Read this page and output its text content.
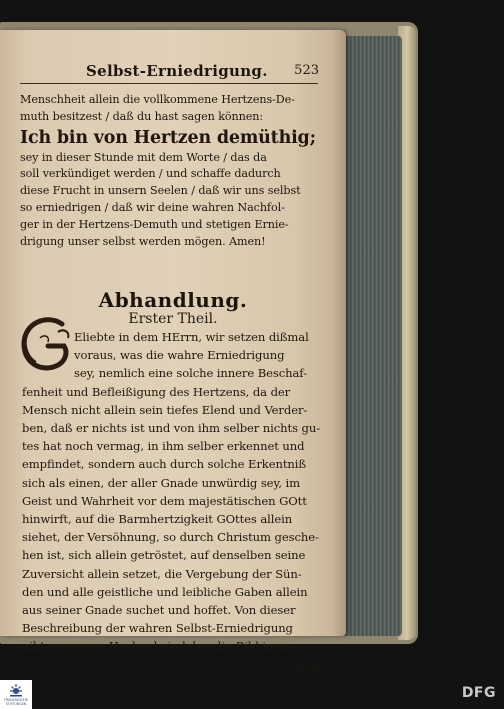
Selbst-Erniedrigung. 523
Menschheit allein die vollkommene Hertzens-De-
muth besitzest / daß du hast sagen können:
Ich bin von Hertzen demüthig;
sey in dieser Stunde mit dem Worte / das da
soll verkündiget werden / und schaffe dadurch
diese Frucht in unsern Seelen / daß wir uns selbst
so erniedrigen / daß wir deine wahren Nachfol-
ger in der Hertzens-Demuth und stetigen Ernie-
drigung unser selbst werden mögen. Amen!
Abhandlung.
Erster Theil.
Eliebte in dem HErrn, wir setzen dißmal
voraus, was die wahre Erniedrigung
sey, nemlich eine solche innere Beschaf-
fenheit und Befleißigung des Hertzens, da der
Mensch nicht allein sein tiefes Elend und Verder-
ben, daß er nichts ist und von ihm selber nichts gu-
tes hat noch vermag, in ihm selber erkennet und
empfindet, sondern auch durch solche Erkentniß
sich als einen, der aller Gnade unwürdig sey, im
Geist und Wahrheit vor dem majestätischen GOtt
hinwirft, auf die Barmhertzigkeit GOttes allein
siehet, der Versöhnung, so durch Christum gesche-
hen ist, sich allein getröstet, auf denselben seine
Zuversicht allein setzet, die Vergebung der Sün-
den und alle geistliche und leibliche Gaben allein
aus seiner Gnade suchet und hoffet. Von dieser
Beschreibung der wahren Selbst-Erniedrigung
gibt uns unser Heyland ein lebendig Bild in un-
serm
FRANCKESCHE STIFTUNGEN
DFG
